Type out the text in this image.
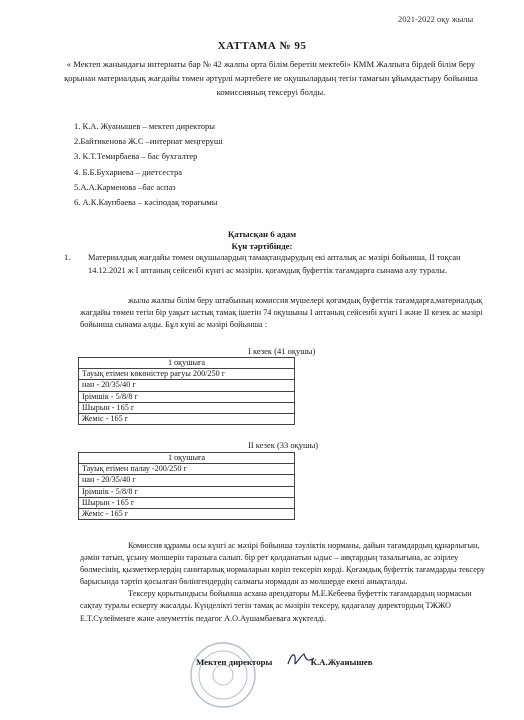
2021-2022 оқу жылы
ХАТТАМА № 95
« Мектеп жанындағы интернаты бар № 42 жалпы орта білім беретін мектебі» КММ Жалпыға бірдей білім беру қорынан материалдық жағдайы төмен әртүрлі мәртебеге ие оқушылардың тегін тамағын ұйымдастыру бойынша комиссияның тексеруі болды.
1. К.А. Жуанышев – мектеп директоры
2.Байтикенова Ж.С –интернат меңгерушi
3. К.Т.Темирбаева – бас бухгалтер
4. Б.Б.Бухариева – диетсестра
5.А.А.Карменова –бас аспаз
6. А.К.Каупбаева – кәсіподақ төрағымы
Қатысқан 6 адам
Күн тәртібінде:
1.	Материалдық жағдайы төмен оқушылардың тамақтандырудың екі апталық ас мәзірі бойынша, II тоқсан 14.12.2021 ж I аптаның сейсенбі күнгі ас мәзірін. қоғамдық буфеттік тағамдарға сынама алу туралы.
жылы жалпы білім беру штабының комиссия мүшелері қоғамдық буфеттік тағамдарға,материалдық жағдайы төмен тегін бір уақыт ыстық тамақ ішетін 74 оқушыны I аптаның сейсенбі күнгі I және II кезек ас мәзірі бойынша сынама алды. Бұл күні ас мәзірі бойынша :
I кезек (41 оқушы)
1 оқушыға
Тауық етімен көкөністер рагуы 200/250 г
нан - 20/35/40 г
Ірімшік - 5/8/8 г
Шырын - 165 г
Жеміс - 165 г
II кезек (33 оқушы)
1 оқушыға
Тауық етімен палау -200/250 г
нан - 20/35/40 г
Ірімшік - 5/8/8 г
Шырын - 165 г
Жеміс - 165 г

Комиссия құрамы осы күнгі ас мәзірі бойынша тәуліктік норманы, дайын тағамдардың құнарлығын, дәмін татып, ұсыну мөлшерін таразыға салып. бір рет қолданатын ыдыс – аяқтардың тазалығына, ас әзірлеу бөлмесінің, қызметкерлердің санитарлық нормаларын көріп тексеріп көрді. Қоғамдық буфеттік тағамдарды тексеру барысында тәртіп қосылған бөлінгендердің салмағы нормадан аз мөлшерде екені анықталды.

Тексеру қорытындысы бойынша асхана арендаторы М.Е.Кебеева буфеттік тағамдардың нормасын сақтау туралы ескерту жасалды. Күнделікті тегін тамақ ас мәзірін тексеру, қадағалау директордың ТЖЖО Е.Т.Сүлейменге және әлеуметтік педагог А.О.Аушамбаеваға жүктелді.

Мектеп директоры	К.А.Жуанышев
